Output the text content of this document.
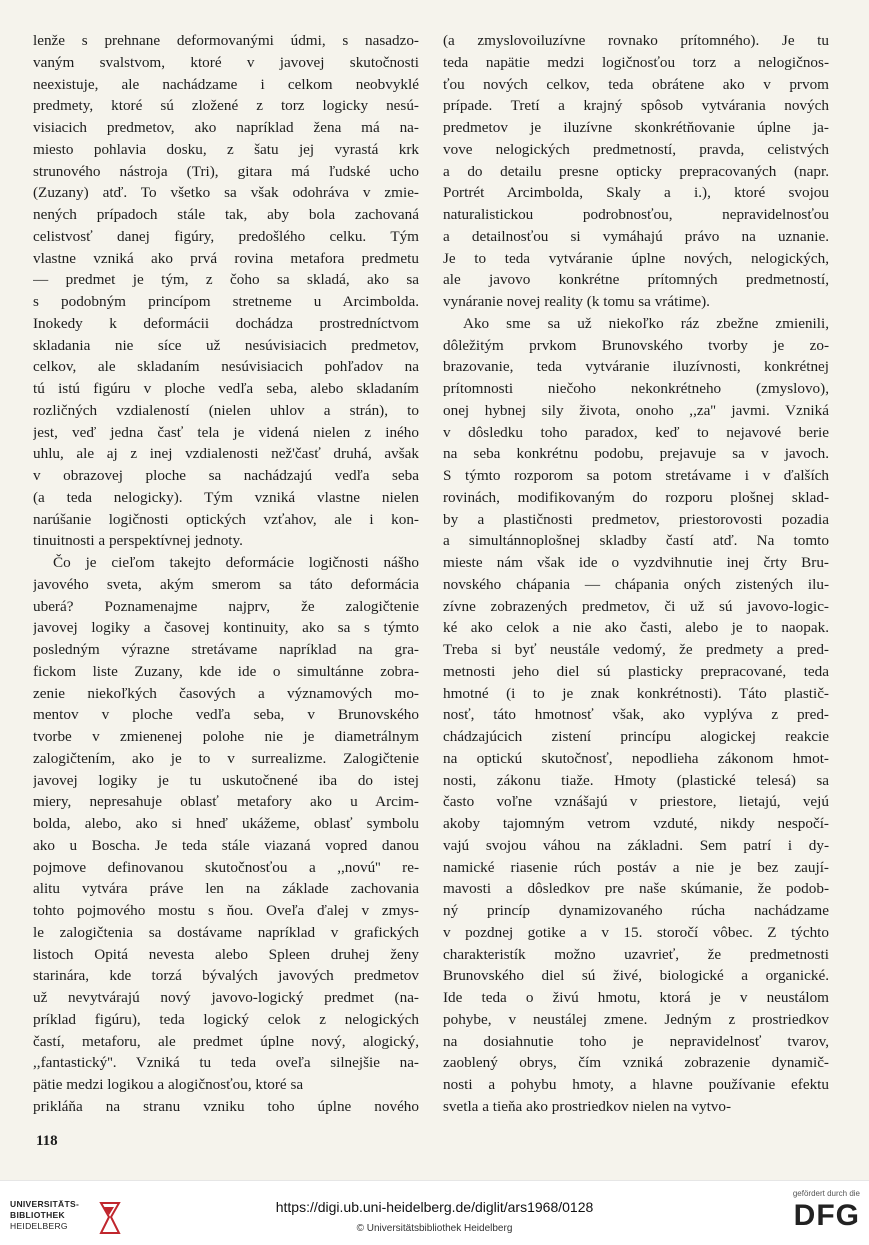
lenže s prehnane deformovanými údmi, s nasadzo-
vaným svalstvom, ktoré v javovej skutočnosti
neexistuje, ale nachádzame i celkom neobvyklé
predmety, ktoré sú zložené z torz logicky nesú-
visiacich predmetov, ako napríklad žena má na-
miesto pohlavia dosku, z šatu jej vyrastá krk
strunového nástroja (Tri), gitara má ľudské ucho
(Zuzany) atď. To všetko sa však odohráva v zmie-
nených prípadoch stále tak, aby bola zachovaná
celistvosť danej figúry, predošlého celku. Tým
vlastne vzniká ako prvá rovina metafora predmetu
— predmet je tým, z čoho sa skladá, ako sa
s podobným princípom stretneme u Arcimbolda.
Inokedy k deformácii dochádza prostredníctvom
skladania nie síce už nesúvisiacich predmetov,
celkov, ale skladaním nesúvisiacich pohľadov na
tú istú figúru v ploche vedľa seba, alebo skladaním
rozličných vzdialeností (nielen uhlov a strán), to
jest, veď jedna časť tela je videná nielen z iného
uhlu, ale aj z inej vzdialenosti než'časť druhá, avšak
v obrazovej ploche sa nachádzajú vedľa seba
(a teda nelogicky). Tým vzniká vlastne nielen
narúšanie logičnosti optických vzťahov, ale i kon-
tinuitnosti a perspektívnej jednoty.
Čo je cieľom takejto deformácie logičnosti nášho
javového sveta, akým smerom sa táto deformácia
uberá? Poznamenajme najprv, že zalogičtenie
javovej logiky a časovej kontinuity, ako sa s týmto
posledným výrazne stretávame napríklad na gra-
fickom liste Zuzany, kde ide o simultánne zobra-
zenie niekoľkých časových a významových mo-
mentov v ploche vedľa seba, v Brunovského
tvorbe v zmienenej polohe nie je diametrálnym
zalogičtením, ako je to v surrealizme. Zalogičtenie
javovej logiky je tu uskutočnené iba do istej
miery, nepresahuje oblasť metafory ako u Arcim-
bolda, alebo, ako si hneď ukážeme, oblasť symbolu
ako u Boscha. Je teda stále viazaná vopred danou
pojmove definovanou skutočnosťou a ,,novú'' re-
alitu vytvára práve len na základe zachovania
tohto pojmového mostu s ňou. Oveľa ďalej v zmys-
le zalogičtenia sa dostávame napríklad v grafických
listoch Opitá nevesta alebo Spleen druhej ženy
starinára, kde torzá bývalých javových predmetov
už nevytvárajú nový javovo-logický predmet (na-
príklad figúru), teda logický celok z nelogických
častí, metaforu, ale predmet úplne nový, alogický,
,,fantastický''. Vzniká tu teda oveľa silnejšie na-
pätie medzi logikou a alogičnosťou, ktoré sa
prikláňa na stranu vzniku toho úplne nového
(a zmyslovoiluzívne rovnako prítomného). Je tu
teda napätie medzi logičnosťou torz a nelogičnos-
ťou nových celkov, teda obrátene ako v prvom
prípade. Tretí a krajný spôsob vytvárania nových
predmetov je iluzívne skonkrétňovanie úplne ja-
vove nelogických predmetností, pravda, celistvých
a do detailu presne opticky prepracovaných (napr.
Portrét Arcimbolda, Skaly a i.), ktoré svojou
naturalistickou podrobnosťou, nepravidelnosťou
a detailnosťou si vymáhajú právo na uznanie.
Je to teda vytváranie úplne nových, nelogických,
ale javovo konkrétne prítomných predmetností,
vynáranie novej reality (k tomu sa vrátime).
Ako sme sa už niekoľko ráz zbežne zmienili,
dôležitým prvkom Brunovského tvorby je zo-
brazovanie, teda vytváranie iluzívnosti, konkrétnej
prítomnosti niečoho nekonkrétneho (zmyslovo),
onej hybnej sily života, onoho ,,za'' javmi. Vzniká
v dôsledku toho paradox, keď to nejavové berie
na seba konkrétnu podobu, prejavuje sa v javoch.
S týmto rozporom sa potom stretávame i v ďalších
rovinách, modifikovaným do rozporu plošnej sklad-
by a plastičnosti predmetov, priestorovosti pozadia
a simultánnoplošnej skladby častí atď. Na tomto
mieste nám však ide o vyzdvihnutie inej črty Bru-
novského chápania — chápania oných zistených ilu-
zívne zobrazených predmetov, či už sú javovo-logic-
ké ako celok a nie ako časti, alebo je to naopak.
Treba si byť neustále vedomý, že predmety a pred-
metnosti jeho diel sú plasticky prepracované, teda
hmotné (i to je znak konkrétnosti). Táto plastič-
nosť, táto hmotnosť však, ako vyplýva z pred-
chádzajúcich zistení princípu alogickej reakcie
na optickú skutočnosť, nepodlieha zákonom hmot-
nosti, zákonu tiaže. Hmoty (plastické telesá) sa
často voľne vznášajú v priestore, lietajú, vejú
akoby tajomným vetrom vzduté, nikdy nespočí-
vajú svojou váhou na základni. Sem patrí i dy-
namické riasenie rúch postáv a nie je bez zaují-
mavosti a dôsledkov pre naše skúmanie, že podob-
ný princíp dynamizovaného rúcha nachádzame
v pozdnej gotike a v 15. storočí vôbec. Z týchto
charakteristík možno uzavrieť, že predmetnosti
Brunovského diel sú živé, biologické a organické.
Ide teda o živú hmotu, ktorá je v neustálom
pohybe, v neustálej zmene. Jedným z prostriedkov
na dosiahnutie toho je nepravidelnosť tvarov,
zaoblený obrys, čím vzniká zobrazenie dynamič-
nosti a pohybu hmoty, a hlavne používanie efektu
svetla a tieňa ako prostriedkov nielen na vytvo-
118
UNIVERSITÄTS-
BIBLIOTHEK
HEIDELBERG
https://digi.ub.uni-heidelberg.de/diglit/ars1968/0128
© Universitätsbibliothek Heidelberg
gefördert durch die
DFG
